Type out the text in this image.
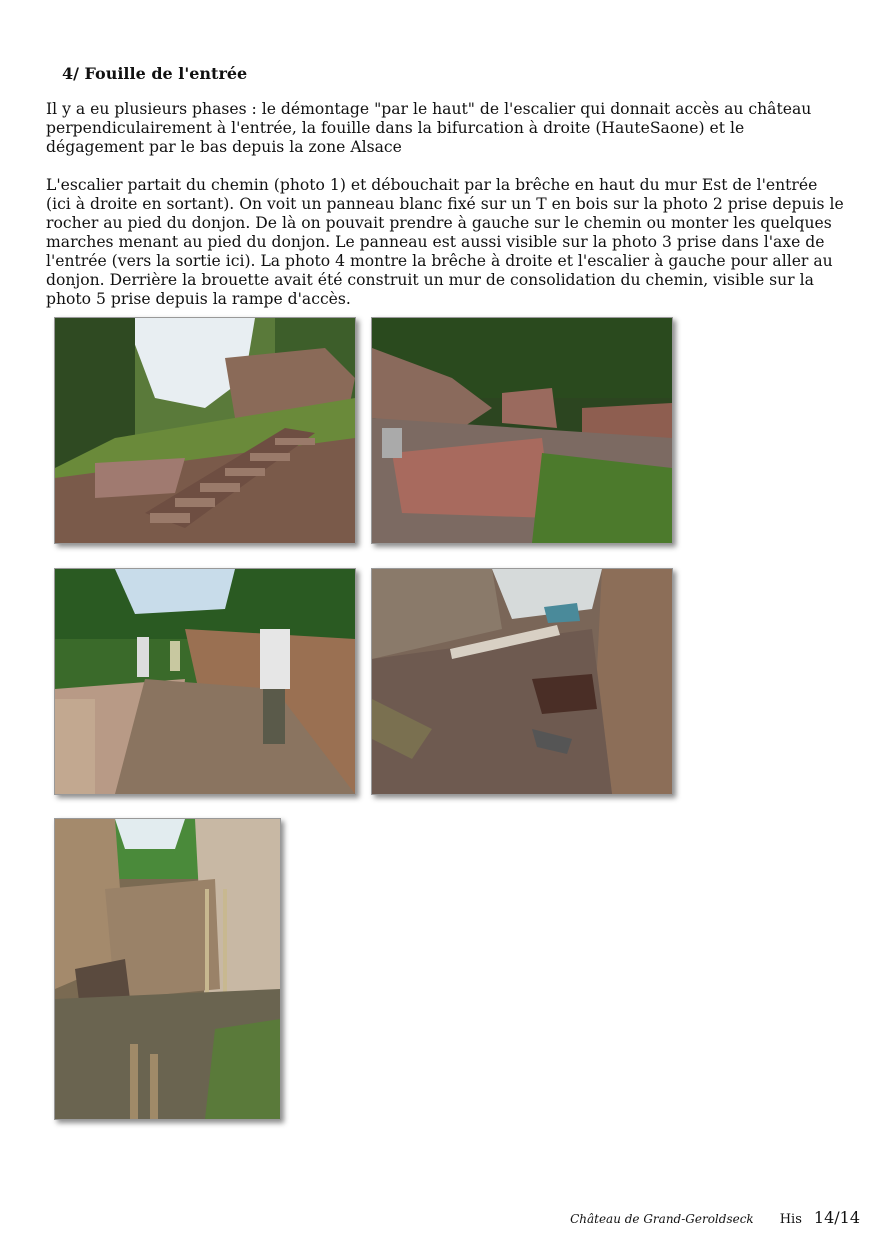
4/ Fouille de l'entrée

Il y a eu plusieurs phases : le démontage "par le haut" de l'escalier qui donnait accès au château perpendiculairement à l'entrée, la fouille dans la bifurcation à droite (HauteSaone) et le dégagement par le bas depuis la zone Alsace

L'escalier partait du chemin (photo 1) et débouchait par la brêche en haut du mur Est de l'entrée (ici à droite en sortant). On voit un panneau blanc fixé sur un T en bois sur la photo 2 prise depuis le rocher au pied du donjon. De là on pouvait prendre à gauche sur le chemin ou monter les quelques marches menant au pied du donjon. Le panneau est aussi visible sur la photo 3 prise dans l'axe de l'entrée (vers la sortie ici). La photo 4 montre la brêche à droite et l'escalier à gauche pour aller au donjon. Derrière la brouette avait été construit un mur de consolidation du chemin, visible sur la photo 5 prise depuis la rampe d'accès.

Château de Grand-Geroldseck His 14/14
